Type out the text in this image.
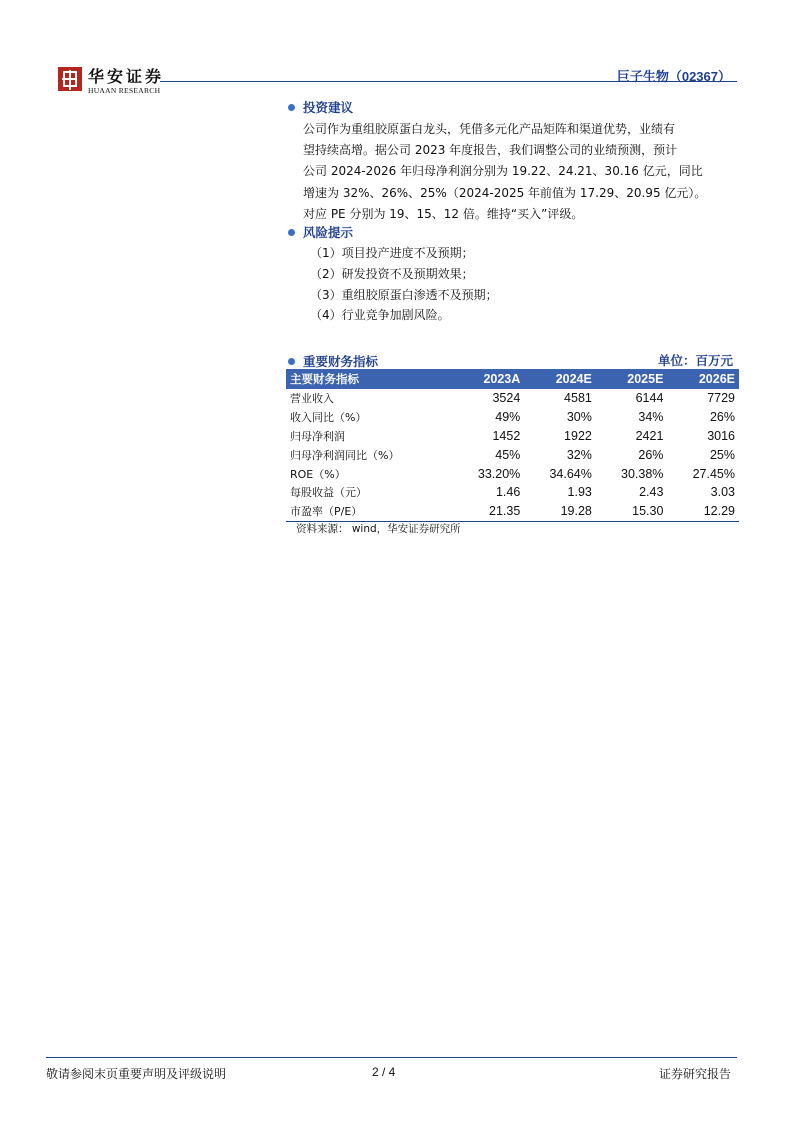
华安证券
HUAAN RESEARCH
巨子生物（02367）
投资建议
公司作为重组胶原蛋白龙头，凭借多元化产品矩阵和渠道优势，业绩有
望持续高增。据公司 2023 年度报告，我们调整公司的业绩预测，预计
公司 2024-2026 年归母净利润分别为 19.22、24.21、30.16 亿元，同比
增速为 32%、26%、25%（2024-2025 年前值为 17.29、20.95 亿元）。
对应 PE 分别为 19、15、12 倍。维持“买入”评级。
风险提示
（1）项目投产进度不及预期；
（2）研发投资不及预期效果；
（3）重组胶原蛋白渗透不及预期；
（4）行业竞争加剧风险。
重要财务指标	单位：百万元
主要财务指标	2023A	2024E	2025E	2026E
营业收入	3524	4581	6144	7729
收入同比（%）	49%	30%	34%	26%
归母净利润	1452	1922	2421	3016
归母净利润同比（%）	45%	32%	26%	25%
ROE（%）	33.20%	34.64%	30.38%	27.45%
每股收益（元）	1.46	1.93	2.43	3.03
市盈率（P/E）	21.35	19.28	15.30	12.29
资料来源： wind，华安证券研究所
敬请参阅末页重要声明及评级说明	2 / 4	证券研究报告
